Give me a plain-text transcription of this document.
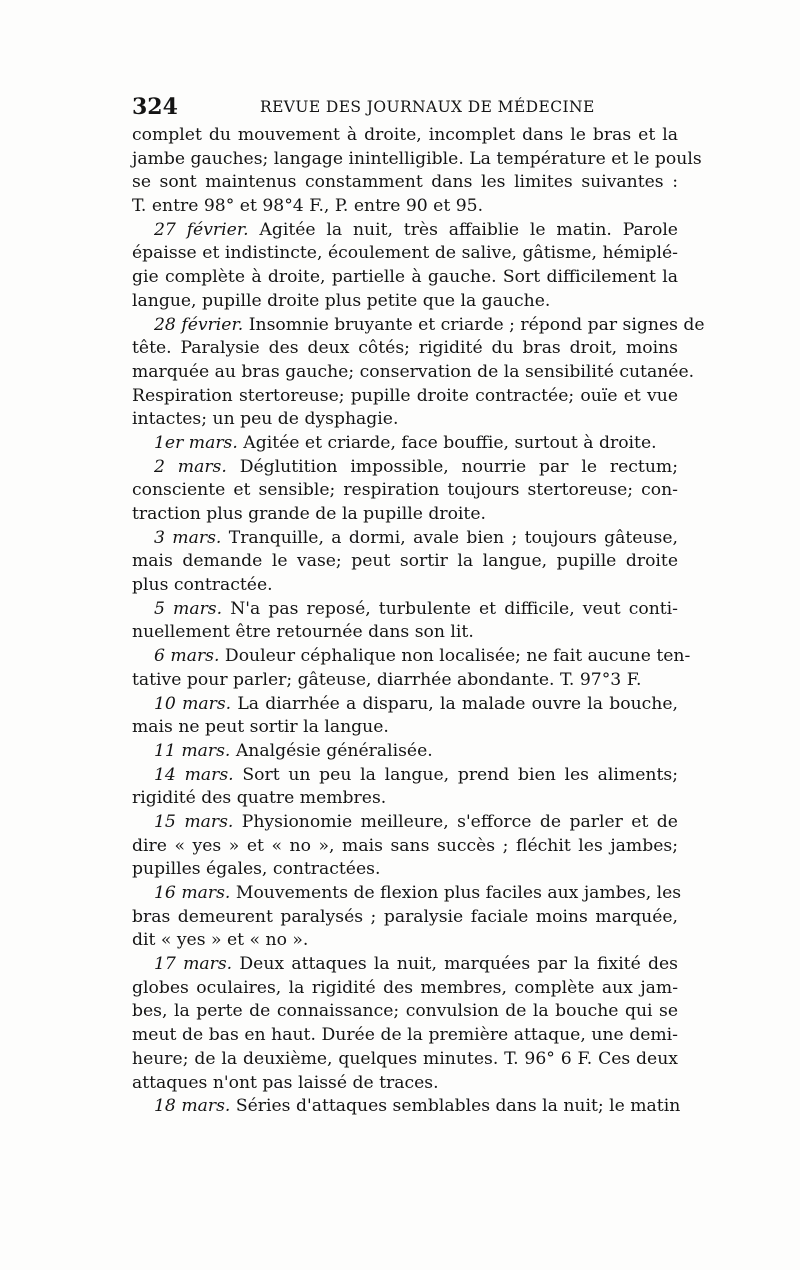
324	REVUE DES JOURNAUX DE MÉDECINE
complet du mouvement à droite, incomplet dans le bras et la
jambe gauches; langage inintelligible. La température et le pouls
se sont maintenus constamment dans les limites suivantes :
T. entre 98° et 98°4 F., P. entre 90 et 95.
27 février. Agitée la nuit, très affaiblie le matin. Parole
épaisse et indistincte, écoulement de salive, gâtisme, hémiplé-
gie complète à droite, partielle à gauche. Sort difficilement la
langue, pupille droite plus petite que la gauche.
28 février. Insomnie bruyante et criarde ; répond par signes de
tête. Paralysie des deux côtés; rigidité du bras droit, moins
marquée au bras gauche; conservation de la sensibilité cutanée.
Respiration stertoreuse; pupille droite contractée; ouïe et vue
intactes; un peu de dysphagie.
1er mars. Agitée et criarde, face bouffie, surtout à droite.
2 mars. Déglutition impossible, nourrie par le rectum;
consciente et sensible; respiration toujours stertoreuse; con-
traction plus grande de la pupille droite.
3 mars. Tranquille, a dormi, avale bien ; toujours gâteuse,
mais demande le vase; peut sortir la langue, pupille droite
plus contractée.
5 mars. N'a pas reposé, turbulente et difficile, veut conti-
nuellement être retournée dans son lit.
6 mars. Douleur céphalique non localisée; ne fait aucune ten-
tative pour parler; gâteuse, diarrhée abondante. T. 97°3 F.
10 mars. La diarrhée a disparu, la malade ouvre la bouche,
mais ne peut sortir la langue.
11 mars. Analgésie généralisée.
14 mars. Sort un peu la langue, prend bien les aliments;
rigidité des quatre membres.
15 mars. Physionomie meilleure, s'efforce de parler et de
dire « yes » et « no », mais sans succès ; fléchit les jambes;
pupilles égales, contractées.
16 mars. Mouvements de flexion plus faciles aux jambes, les
bras demeurent paralysés ; paralysie faciale moins marquée,
dit « yes » et « no ».
17 mars. Deux attaques la nuit, marquées par la fixité des
globes oculaires, la rigidité des membres, complète aux jam-
bes, la perte de connaissance; convulsion de la bouche qui se
meut de bas en haut. Durée de la première attaque, une demi-
heure; de la deuxième, quelques minutes. T. 96° 6 F. Ces deux
attaques n'ont pas laissé de traces.
18 mars. Séries d'attaques semblables dans la nuit; le matin
